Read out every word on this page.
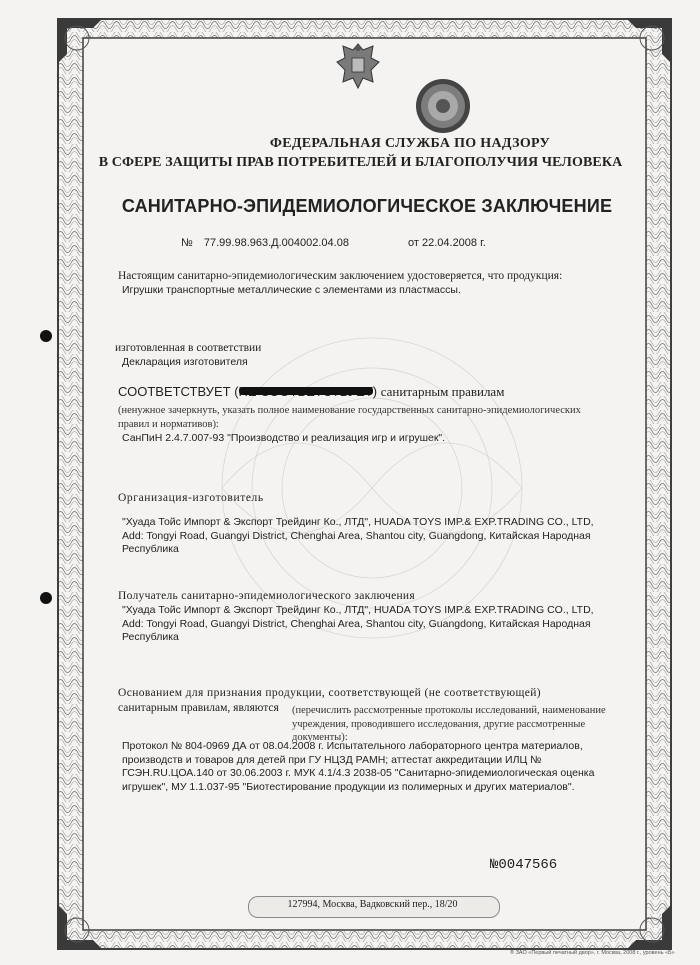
ФЕДЕРАЛЬНАЯ СЛУЖБА ПО НАДЗОРУ
В СФЕРЕ ЗАЩИТЫ ПРАВ ПОТРЕБИТЕЛЕЙ И БЛАГОПОЛУЧИЯ ЧЕЛОВЕКА
САНИТАРНО-ЭПИДЕМИОЛОГИЧЕСКОЕ ЗАКЛЮЧЕНИЕ
№ 77.99.98.963.Д.004002.04.08	от 22.04.2008 г.
Настоящим санитарно-эпидемиологическим заключением удостоверяется, что продукция:
Игрушки транспортные металлические с элементами из пластмассы.
изготовленная в соответствии
Декларация изготовителя
СООТВЕТСТВУЕТ (	) санитарным правилам
(ненужное зачеркнуть, указать полное наименование государственных санитарно-эпидемиологических правил и нормативов):
СанПиН 2.4.7.007-93 "Производство и реализация игр и игрушек".
Организация-изготовитель
"Хуада Тойс Импорт & Экспорт Трейдинг Ко., ЛТД", HUADA TOYS IMP.& EXP.TRADING CO., LTD, Add: Tongyi Road, Guangyi District, Chenghai Area, Shantou city, Guangdong, Китайская Народная Республика
Получатель санитарно-эпидемиологического заключения
"Хуада Тойс Импорт & Экспорт Трейдинг Ко., ЛТД", HUADA TOYS IMP.& EXP.TRADING CO., LTD, Add: Tongyi Road, Guangyi District, Chenghai Area, Shantou city, Guangdong, Китайская Народная Республика
Основанием для признания продукции, соответствующей (не соответствующей)
санитарным правилам, являются (перечислить рассмотренные протоколы исследований, наименование учреждения, проводившего исследования, другие рассмотренные документы):
Протокол № 804-0969 ДА от 08.04.2008 г. Испытательного лабораторного центра материалов, производств и товаров для детей при ГУ НЦЗД РАМН; аттестат аккредитации ИЛЦ № ГСЭН.RU.ЦОА.140 от 30.06.2003 г. МУК 4.1/4.3 2038-05 "Санитарно-эпидемиологическая оценка игрушек", МУ 1.1.037-95 "Биотестирование продукции из полимерных и других материалов".
№0047566
127994, Москва, Вадковский пер., 18/20
® ЗАО «Первый печатный двор», г. Москва, 2008 г., уровень «Б»
